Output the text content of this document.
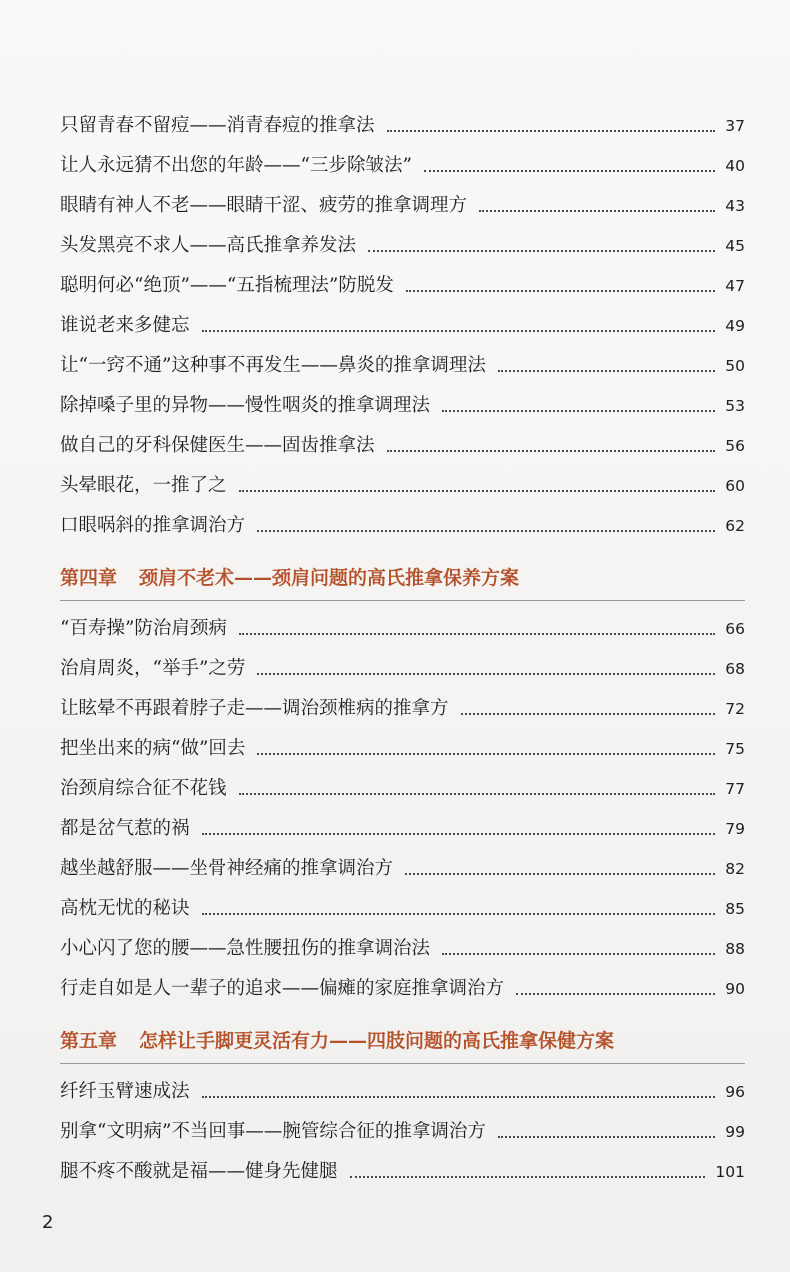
只留青春不留痘——消青春痘的推拿法	37
让人永远猜不出您的年龄——“三步除皱法”	40
眼睛有神人不老——眼睛干涩、疲劳的推拿调理方	43
头发黑亮不求人——高氏推拿养发法	45
聪明何必“绝顶”——“五指梳理法”防脱发	47
谁说老来多健忘	49
让“一窍不通”这种事不再发生——鼻炎的推拿调理法	50
除掉嗓子里的异物——慢性咽炎的推拿调理法	53
做自己的牙科保健医生——固齿推拿法	56
头晕眼花，一推了之	60
口眼㖞斜的推拿调治方	62
第四章 颈肩不老术——颈肩问题的高氏推拿保养方案
“百寿操”防治肩颈病	66
治肩周炎，“举手”之劳	68
让眩晕不再跟着脖子走——调治颈椎病的推拿方	72
把坐出来的病“做”回去	75
治颈肩综合征不花钱	77
都是岔气惹的祸	79
越坐越舒服——坐骨神经痛的推拿调治方	82
高枕无忧的秘诀	85
小心闪了您的腰——急性腰扭伤的推拿调治法	88
行走自如是人一辈子的追求——偏瘫的家庭推拿调治方	90
第五章 怎样让手脚更灵活有力——四肢问题的高氏推拿保健方案
纤纤玉臂速成法	96
别拿“文明病”不当回事——腕管综合征的推拿调治方	99
腿不疼不酸就是福——健身先健腿	101
2
